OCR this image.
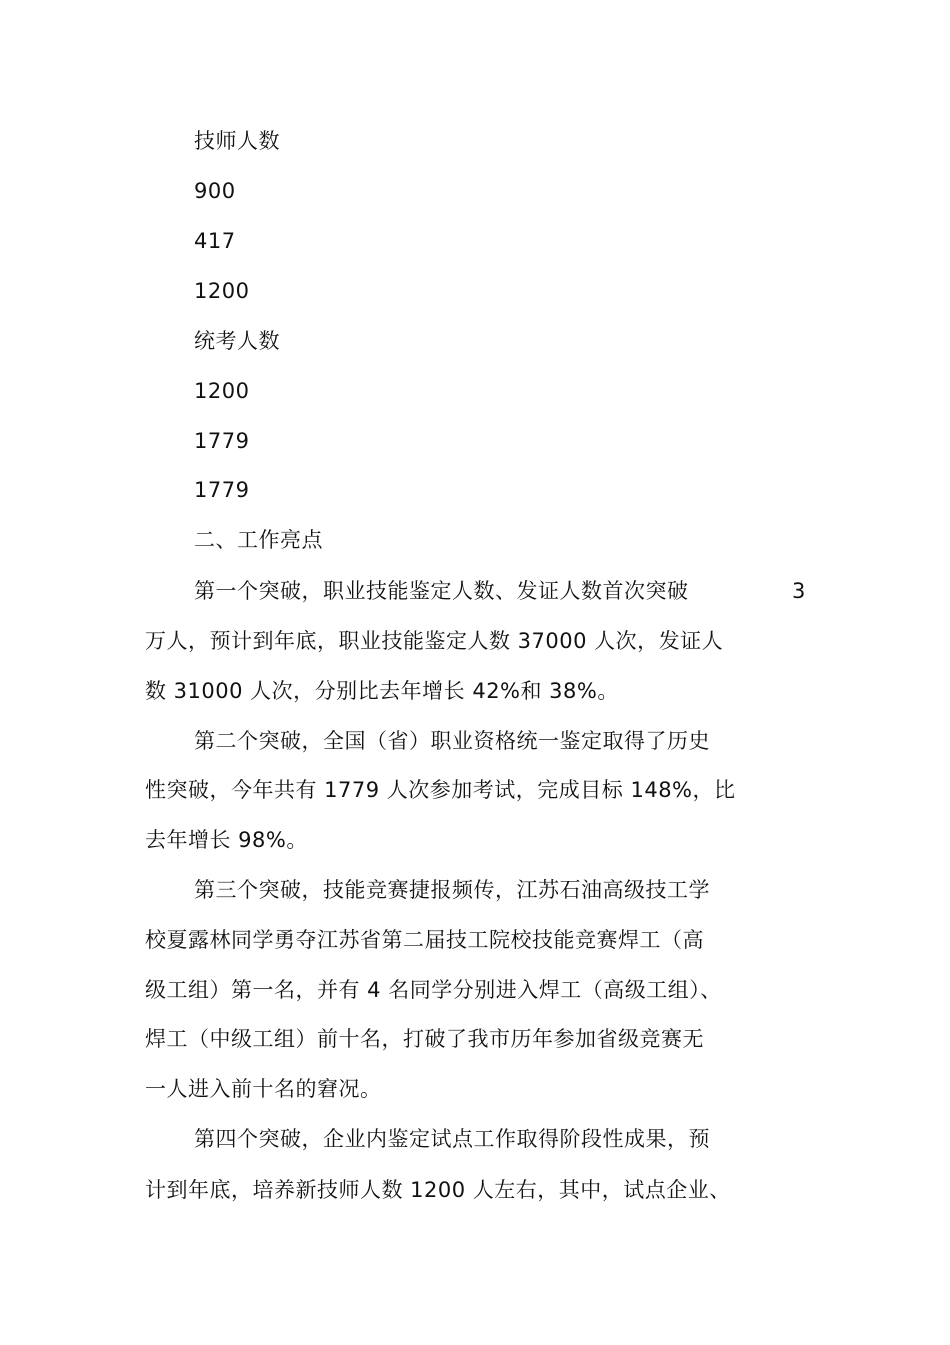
技师人数
900
417
1200
统考人数
1200
1779
1779
二、工作亮点
第一个突破，职业技能鉴定人数、发证人数首次突破	3
万人，预计到年底，职业技能鉴定人数 37000 人次，发证人
数 31000 人次，分别比去年增长 42%和 38%。
第二个突破，全国（省）职业资格统一鉴定取得了历史
性突破，今年共有 1779 人次参加考试，完成目标 148%，比
去年增长 98%。
第三个突破，技能竞赛捷报频传，江苏石油高级技工学
校夏露林同学勇夺江苏省第二届技工院校技能竞赛焊工（高
级工组）第一名，并有 4 名同学分别进入焊工（高级工组）、
焊工（中级工组）前十名，打破了我市历年参加省级竞赛无
一人进入前十名的窘况。
第四个突破，企业内鉴定试点工作取得阶段性成果，预
计到年底，培养新技师人数 1200 人左右，其中，试点企业、
